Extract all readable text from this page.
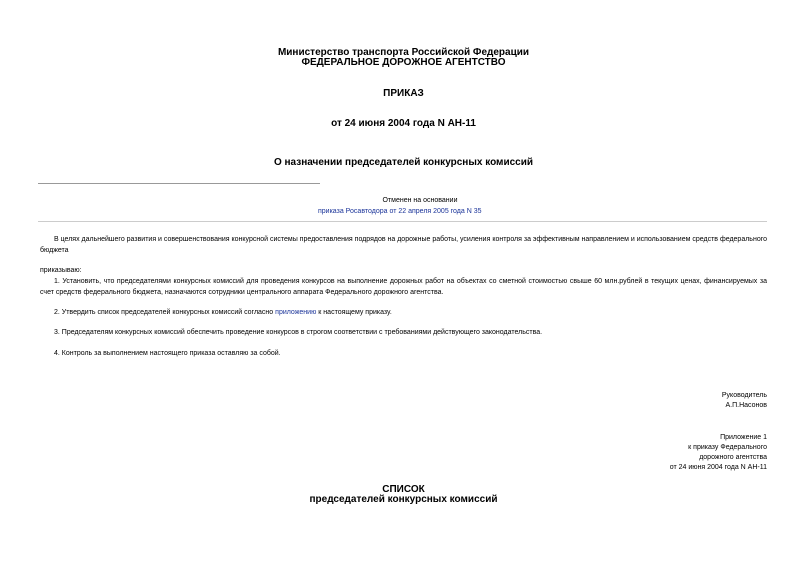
Министерство транспорта Российской Федерации
ФЕДЕРАЛЬНОЕ ДОРОЖНОЕ АГЕНТСТВО
ПРИКАЗ
от 24 июня 2004 года N АН-11
О назначении председателей конкурсных комиссий
Отменен на основании
приказа Росавтодора от 22 апреля 2005 года N 35
В целях дальнейшего развития и совершенствования конкурсной системы предоставления подрядов на дорожные работы, усиления контроля за эффективным направлением и использованием средств федерального бюджета
приказываю:
1. Установить, что председателями конкурсных комиссий для проведения конкурсов на выполнение дорожных работ на объектах со сметной стоимостью свыше 60 млн.рублей в текущих ценах, финансируемых за счет средств федерального бюджета, назначаются сотрудники центрального аппарата Федерального дорожного агентства.
2. Утвердить список председателей конкурсных комиссий согласно приложению к настоящему приказу.
3. Председателям конкурсных комиссий обеспечить проведение конкурсов в строгом соответствии с требованиями действующего законодательства.
4. Контроль за выполнением настоящего приказа оставляю за собой.
Руководитель
А.П.Насонов
Приложение 1
к приказу Федерального
дорожного агентства
от 24 июня 2004 года N АН-11
СПИСОК
председателей конкурсных комиссий
